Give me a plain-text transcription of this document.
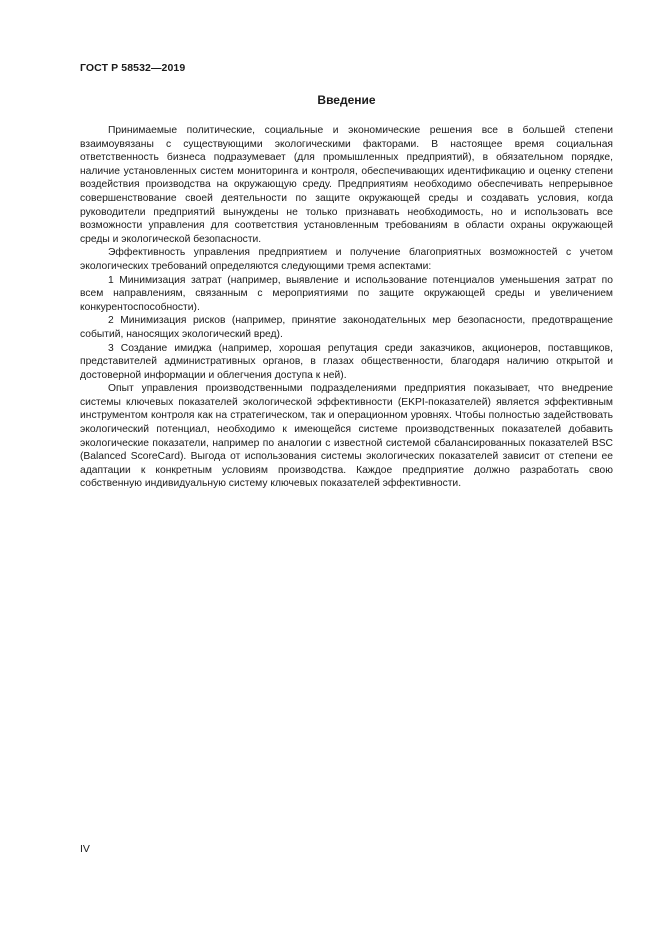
ГОСТ Р 58532—2019
Введение

Принимаемые политические, социальные и экономические решения все в большей степени взаимоувязаны с существующими экологическими факторами. В настоящее время социальная ответственность бизнеса подразумевает (для промышленных предприятий), в обязательном порядке, наличие установленных систем мониторинга и контроля, обеспечивающих идентификацию и оценку степени воздействия производства на окружающую среду. Предприятиям необходимо обеспечивать непрерывное совершенствование своей деятельности по защите окружающей среды и создавать условия, когда руководители предприятий вынуждены не только признавать необходимость, но и использовать все возможности управления для соответствия установленным требованиям в области охраны окружающей среды и экологической безопасности.

Эффективность управления предприятием и получение благоприятных возможностей с учетом экологических требований определяются следующими тремя аспектами:

1 Минимизация затрат (например, выявление и использование потенциалов уменьшения затрат по всем направлениям, связанным с мероприятиями по защите окружающей среды и увеличением конкурентоспособности).

2 Минимизация рисков (например, принятие законодательных мер безопасности, предотвращение событий, наносящих экологический вред).

3 Создание имиджа (например, хорошая репутация среди заказчиков, акционеров, поставщиков, представителей административных органов, в глазах общественности, благодаря наличию открытой и достоверной информации и облегчения доступа к ней).

Опыт управления производственными подразделениями предприятия показывает, что внедрение системы ключевых показателей экологической эффективности (EKPI-показателей) является эффективным инструментом контроля как на стратегическом, так и операционном уровнях. Чтобы полностью задействовать экологический потенциал, необходимо к имеющейся системе производственных показателей добавить экологические показатели, например по аналогии с известной системой сбалансированных показателей BSC (Balanced ScoreCard). Выгода от использования системы экологических показателей зависит от степени ее адаптации к конкретным условиям производства. Каждое предприятие должно разработать свою собственную индивидуальную систему ключевых показателей эффективности.

IV
